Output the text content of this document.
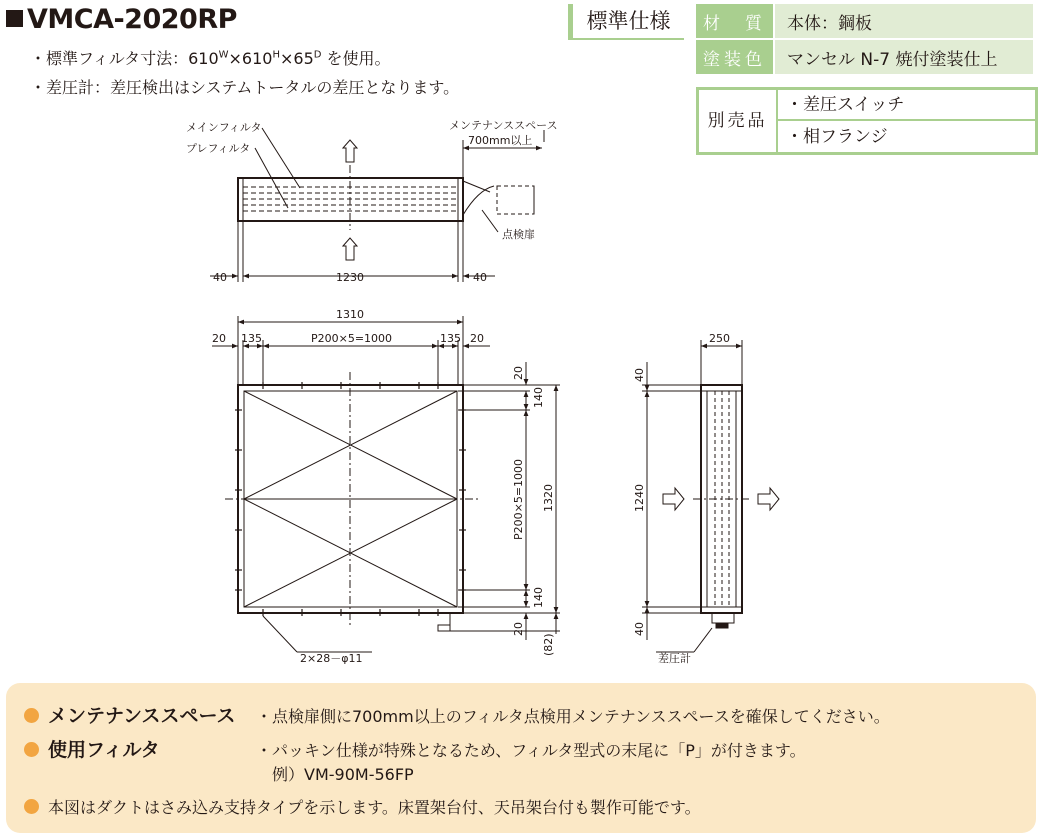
VMCA-2020RP
・標準フィルタ寸法：$610^W\times 610^H\times 65^D$ を使用。
・差圧計：差圧検出はシステムトータルの差圧となります。
標準仕様	材　質	本体：鋼板

塗装色	マンセル N-7 焼付塗装仕上
別売品
・差圧スイッチ
・相フランジ
メインフィルタ
プレフィルタ
メンテナンススペース
700mm以上
点検扉
40	1230	40
1310
20 135	P200×5=1000	135 20
20
140
P200×5=1000
140
20
(82)
1320
2×28－φ11
250
40
1240
40
差圧計
メンテナンススペース ・点検扉側に700mm以上のフィルタ点検用メンテナンススペースを確保してください。
使用フィルタ	・パッキン仕様が特殊となるため、フィルタ型式の末尾に「P」が付きます。
例）VM-90M-56FP
本図はダクトはさみ込み支持タイプを示します。床置架台付、天吊架台付も製作可能です。
